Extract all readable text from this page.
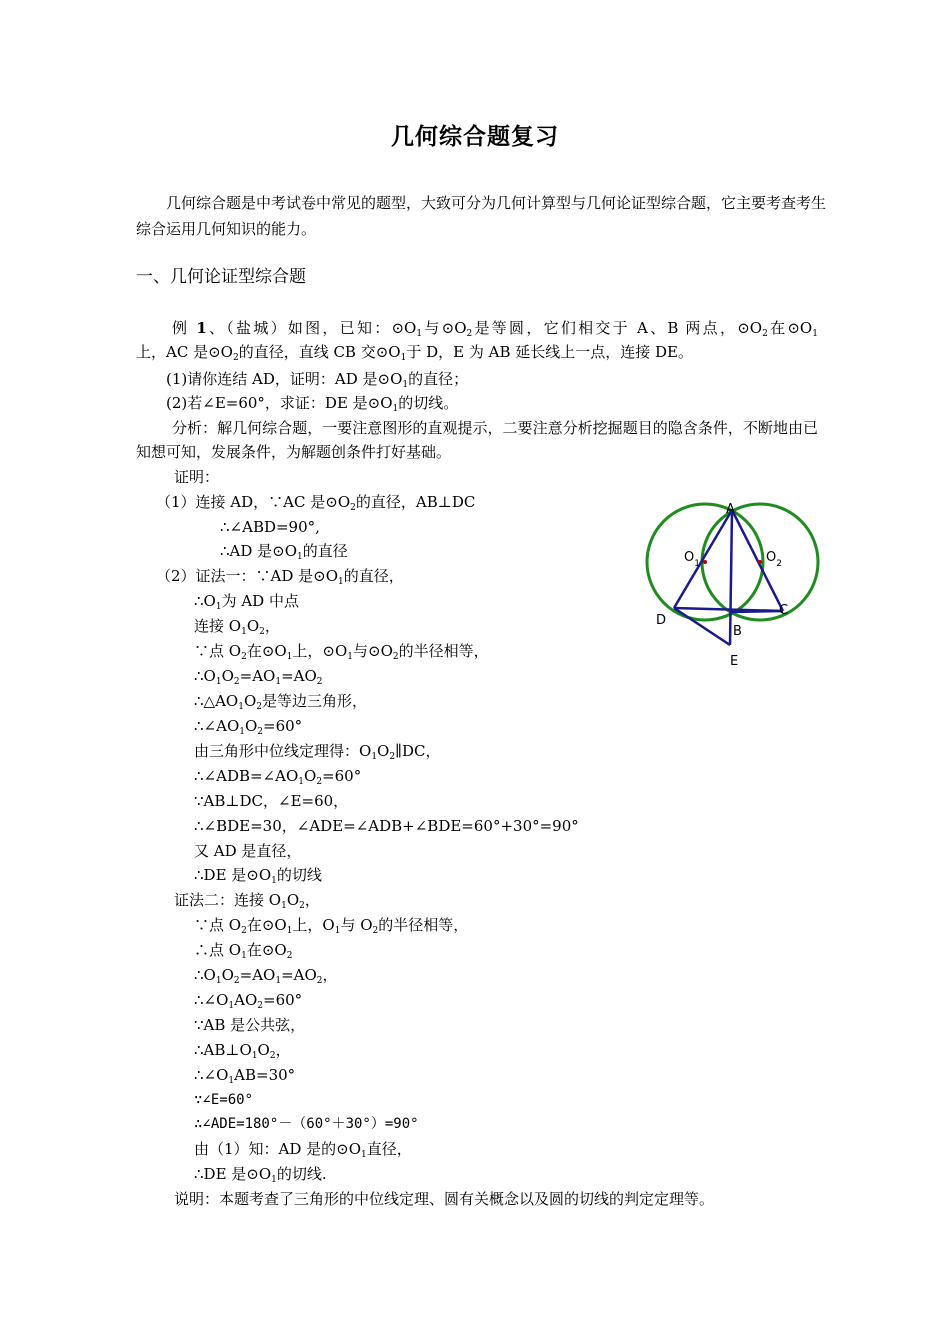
几何综合题复习
几何综合题是中考试卷中常见的题型，大致可分为几何计算型与几何论证型综合题，它主要考查考生综合运用几何知识的能力。
一、几何论证型综合题
例 1、（盐城）如图，已知：$⊙O_1$与$⊙O_2$是等圆，它们相交于 A、B 两点，$⊙O_2$在$⊙O_1$上，AC 是$⊙O_2$的直径，直线 CB 交$⊙O_1$于 D，E 为 AB 延长线上一点，连接 DE。
(1)请你连结 AD，证明：AD 是$⊙O_1$的直径；
(2)若∠E=60°，求证：DE 是$⊙O_1$的切线。
分析：解几何综合题，一要注意图形的直观提示，二要注意分析挖掘题目的隐含条件，不断地由已知想可知，发展条件，为解题创条件打好基础。
证明：
（1）连接 AD，∵AC 是$⊙O_2$的直径，AB⊥DC
∴∠ABD=90°,
∴AD 是$⊙O_1$的直径
（2）证法一：∵AD 是$⊙O_1$的直径，
$\therefore O_1$为 AD 中点
连接 $O_1O_2$，
∵点 $O_2$在$⊙O_1$上，$⊙O_1$与$⊙O_2$的半径相等，
$\therefore O_1O_2=AO_1=AO_2$
$\therefore\triangle AO_1O_2$是等边三角形，
$\therefore\angle AO_1O_2=60^\circ$
由三角形中位线定理得：$O_1O_2\parallel DC$，
$\therefore\angle ADB=\angle AO_1O_2=60^\circ$
∵AB⊥DC，∠E=60，
∴∠BDE=30，∠ADE=∠ADB+∠BDE=60°+30°=90°
又 AD 是直径，
∴DE 是$⊙O_1$的切线
证法二：连接 $O_1O_2$，
∵点 $O_2$在$⊙O_1$上，$O_1$与 $O_2$的半径相等，
∴点 $O_1$在$⊙O_2$
$\therefore O_1O_2=AO_1=AO_2$，
$\therefore\angle O_1AO_2=60^\circ$
∵AB 是公共弦，
$\therefore AB\perp O_1O_2$，
$\therefore\angle O_1AB=30^\circ$
∵∠E=60°
∴∠ADE=180°－（60°＋30°）=90°
由（1）知：AD 是的$⊙O_1$直径，
∴DE 是$⊙O_1$的切线.
说明：本题考查了三角形的中位线定理、圆有关概念以及圆的切线的判定定理等。
A
B
C
D
E
$O_1$	$O_2$
